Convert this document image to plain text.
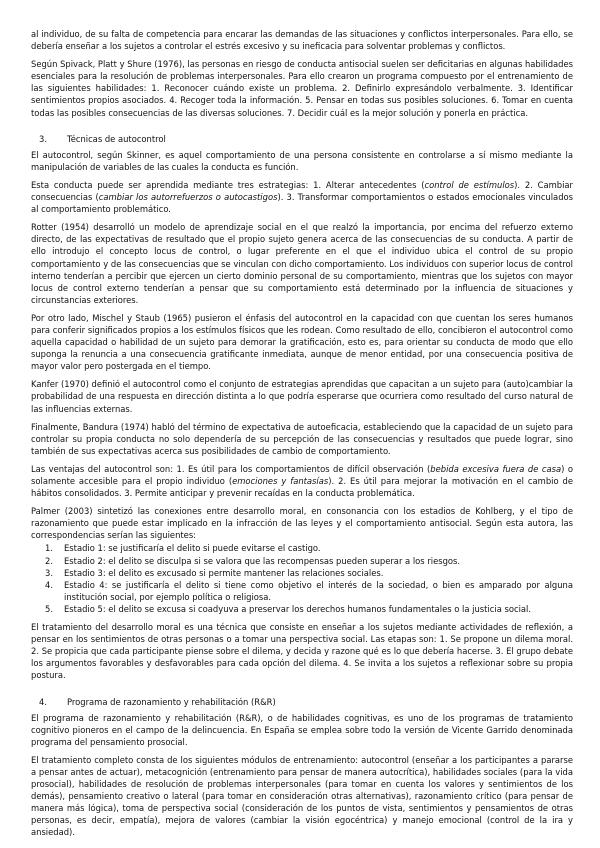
al individuo, de su falta de competencia para encarar las demandas de las situaciones y conflictos interpersonales. Para ello, se debería enseñar a los sujetos a controlar el estrés excesivo y su ineficacia para solventar problemas y conflictos.

Según Spivack, Platt y Shure (1976), las personas en riesgo de conducta antisocial suelen ser deficitarias en algunas habilidades esenciales para la resolución de problemas interpersonales. Para ello crearon un programa compuesto por el entrenamiento de las siguientes habilidades: 1. Reconocer cuándo existe un problema. 2. Definirlo expresándolo verbalmente. 3. Identificar sentimientos propios asociados. 4. Recoger toda la información. 5. Pensar en todas sus posibles soluciones. 6. Tomar en cuenta todas las posibles consecuencias de las diversas soluciones. 7. Decidir cuál es la mejor solución y ponerla en práctica.

3. Técnicas de autocontrol

El autocontrol, según Skinner, es aquel comportamiento de una persona consistente en controlarse a sí mismo mediante la manipulación de variables de las cuales la conducta es función.

Esta conducta puede ser aprendida mediante tres estrategias: 1. Alterar antecedentes (control de estímulos). 2. Cambiar consecuencias (cambiar los autorrefuerzos o autocastigos). 3. Transformar comportamientos o estados emocionales vinculados al comportamiento problemático.

Rotter (1954) desarrolló un modelo de aprendizaje social en el que realzó la importancia, por encima del refuerzo externo directo, de las expectativas de resultado que el propio sujeto genera acerca de las consecuencias de su conducta. A partir de ello introdujo el concepto locus de control, o lugar preferente en el que el individuo ubica el control de su propio comportamiento y de las consecuencias que se vinculan con dicho comportamiento. Los individuos con superior locus de control interno tenderían a percibir que ejercen un cierto dominio personal de su comportamiento, mientras que los sujetos con mayor locus de control externo tenderían a pensar que su comportamiento está determinado por la influencia de situaciones y circunstancias exteriores.

Por otro lado, Mischel y Staub (1965) pusieron el énfasis del autocontrol en la capacidad con que cuentan los seres humanos para conferir significados propios a los estímulos físicos que les rodean. Como resultado de ello, concibieron el autocontrol como aquella capacidad o habilidad de un sujeto para demorar la gratificación, esto es, para orientar su conducta de modo que ello suponga la renuncia a una consecuencia gratificante inmediata, aunque de menor entidad, por una consecuencia positiva de mayor valor pero postergada en el tiempo.

Kanfer (1970) definió el autocontrol como el conjunto de estrategias aprendidas que capacitan a un sujeto para (auto)cambiar la probabilidad de una respuesta en dirección distinta a lo que podría esperarse que ocurriera como resultado del curso natural de las influencias externas.

Finalmente, Bandura (1974) habló del término de expectativa de autoeficacia, estableciendo que la capacidad de un sujeto para controlar su propia conducta no solo dependería de su percepción de las consecuencias y resultados que puede lograr, sino también de sus expectativas acerca sus posibilidades de cambio de comportamiento.

Las ventajas del autocontrol son: 1. Es útil para los comportamientos de difícil observación (bebida excesiva fuera de casa) o solamente accesible para el propio individuo (emociones y fantasías). 2. Es útil para mejorar la motivación en el cambio de hábitos consolidados. 3. Permite anticipar y prevenir recaídas en la conducta problemática.

Palmer (2003) sintetizó las conexiones entre desarrollo moral, en consonancia con los estadios de Kohlberg, y el tipo de razonamiento que puede estar implicado en la infracción de las leyes y el comportamiento antisocial. Según esta autora, las correspondencias serían las siguientes:

1. Estadio 1: se justificaría el delito si puede evitarse el castigo.
2. Estadio 2: el delito se disculpa si se valora que las recompensas pueden superar a los riesgos.
3. Estadio 3: el delito es excusado si permite mantener las relaciones sociales.
4. Estadio 4: se justificaría el delito si tiene como objetivo el interés de la sociedad, o bien es amparado por alguna institución social, por ejemplo política o religiosa.
5. Estadio 5: el delito se excusa si coadyuva a preservar los derechos humanos fundamentales o la justicia social.

El tratamiento del desarrollo moral es una técnica que consiste en enseñar a los sujetos mediante actividades de reflexión, a pensar en los sentimientos de otras personas o a tomar una perspectiva social. Las etapas son: 1. Se propone un dilema moral. 2. Se propicia que cada participante piense sobre el dilema, y decida y razone qué es lo que debería hacerse. 3. El grupo debate los argumentos favorables y desfavorables para cada opción del dilema. 4. Se invita a los sujetos a reflexionar sobre su propia postura.

4. Programa de razonamiento y rehabilitación (R&R)

El programa de razonamiento y rehabilitación (R&R), o de habilidades cognitivas, es uno de los programas de tratamiento cognitivo pioneros en el campo de la delincuencia. En España se emplea sobre todo la versión de Vicente Garrido denominada programa del pensamiento prosocial.

El tratamiento completo consta de los siguientes módulos de entrenamiento: autocontrol (enseñar a los participantes a pararse a pensar antes de actuar), metacognición (entrenamiento para pensar de manera autocrítica), habilidades sociales (para la vida prosocial), habilidades de resolución de problemas interpersonales (para tomar en cuenta los valores y sentimientos de los demás), pensamiento creativo o lateral (para tomar en consideración otras alternativas), razonamiento crítico (para pensar de manera más lógica), toma de perspectiva social (consideración de los puntos de vista, sentimientos y pensamientos de otras personas, es decir, empatía), mejora de valores (cambiar la visión egocéntrica) y manejo emocional (control de la ira y ansiedad).
